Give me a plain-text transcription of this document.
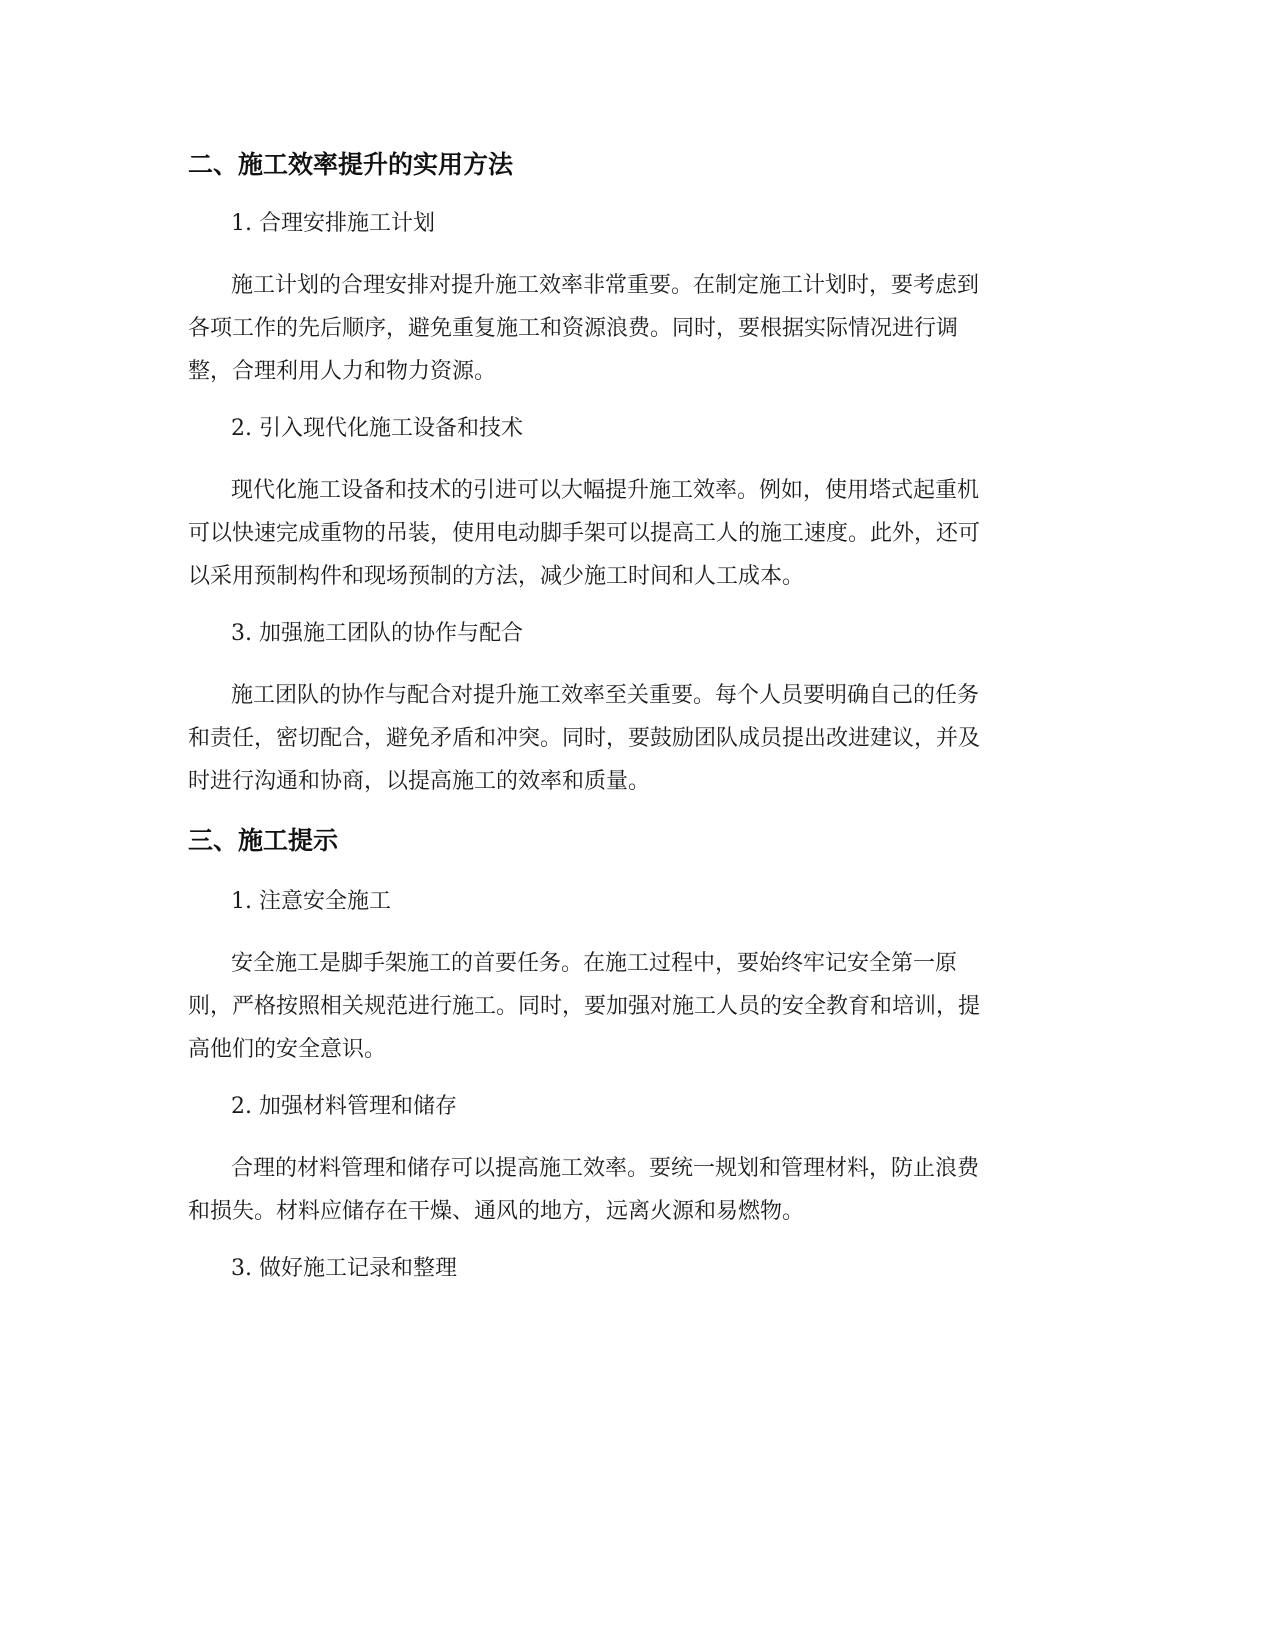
二、施工效率提升的实用方法
1. 合理安排施工计划
施工计划的合理安排对提升施工效率非常重要。在制定施工计划时，要考虑到
各项工作的先后顺序，避免重复施工和资源浪费。同时，要根据实际情况进行调
整，合理利用人力和物力资源。
2. 引入现代化施工设备和技术
现代化施工设备和技术的引进可以大幅提升施工效率。例如，使用塔式起重机
可以快速完成重物的吊装，使用电动脚手架可以提高工人的施工速度。此外，还可
以采用预制构件和现场预制的方法，减少施工时间和人工成本。
3. 加强施工团队的协作与配合
施工团队的协作与配合对提升施工效率至关重要。每个人员要明确自己的任务
和责任，密切配合，避免矛盾和冲突。同时，要鼓励团队成员提出改进建议，并及
时进行沟通和协商，以提高施工的效率和质量。
三、施工提示
1. 注意安全施工
安全施工是脚手架施工的首要任务。在施工过程中，要始终牢记安全第一原
则，严格按照相关规范进行施工。同时，要加强对施工人员的安全教育和培训，提
高他们的安全意识。
2. 加强材料管理和储存
合理的材料管理和储存可以提高施工效率。要统一规划和管理材料，防止浪费
和损失。材料应储存在干燥、通风的地方，远离火源和易燃物。
3. 做好施工记录和整理
